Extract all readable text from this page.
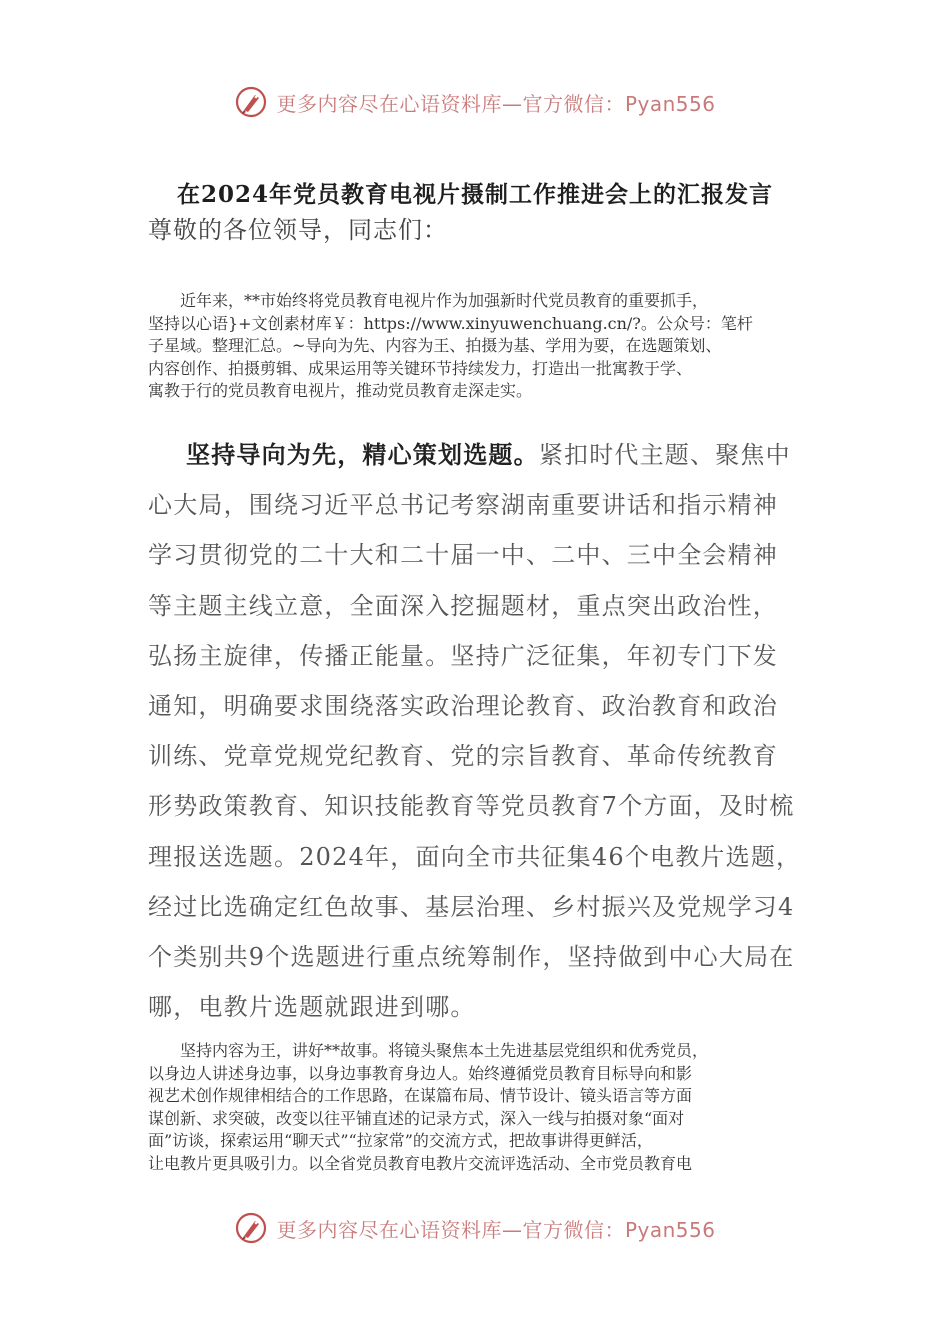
更多内容尽在心语资料库—官方微信：Pyan556
在2024年党员教育电视片摄制工作推进会上的汇报发言
尊敬的各位领导，同志们：
近年来，**市始终将党员教育电视片作为加强新时代党员教育的重要抓手，
坚持以心语}+文创素材库￥：https://www.xinyuwenchuang.cn/?。公众号：笔杆
子星域。整理汇总。~导向为先、内容为王、拍摄为基、学用为要，在选题策划、
内容创作、拍摄剪辑、成果运用等关键环节持续发力，打造出一批寓教于学、
寓教于行的党员教育电视片，推动党员教育走深走实。
坚持导向为先，精心策划选题。紧扣时代主题、聚焦中
心大局，围绕习近平总书记考察湖南重要讲话和指示精神
学习贯彻党的二十大和二十届一中、二中、三中全会精神
等主题主线立意，全面深入挖掘题材，重点突出政治性，
弘扬主旋律，传播正能量。坚持广泛征集，年初专门下发
通知，明确要求围绕落实政治理论教育、政治教育和政治
训练、党章党规党纪教育、党的宗旨教育、革命传统教育
形势政策教育、知识技能教育等党员教育7个方面，及时梳
理报送选题。2024年，面向全市共征集46个电教片选题，
经过比选确定红色故事、基层治理、乡村振兴及党规学习4
个类别共9个选题进行重点统筹制作，坚持做到中心大局在
哪，电教片选题就跟进到哪。
坚持内容为王，讲好**故事。将镜头聚焦本土先进基层党组织和优秀党员，
以身边人讲述身边事，以身边事教育身边人。始终遵循党员教育目标导向和影
视艺术创作规律相结合的工作思路，在谋篇布局、情节设计、镜头语言等方面
谋创新、求突破，改变以往平铺直述的记录方式，深入一线与拍摄对象“面对
面”访谈，探索运用“聊天式”“拉家常”的交流方式，把故事讲得更鲜活，
让电教片更具吸引力。以全省党员教育电教片交流评选活动、全市党员教育电
更多内容尽在心语资料库—官方微信：Pyan556
